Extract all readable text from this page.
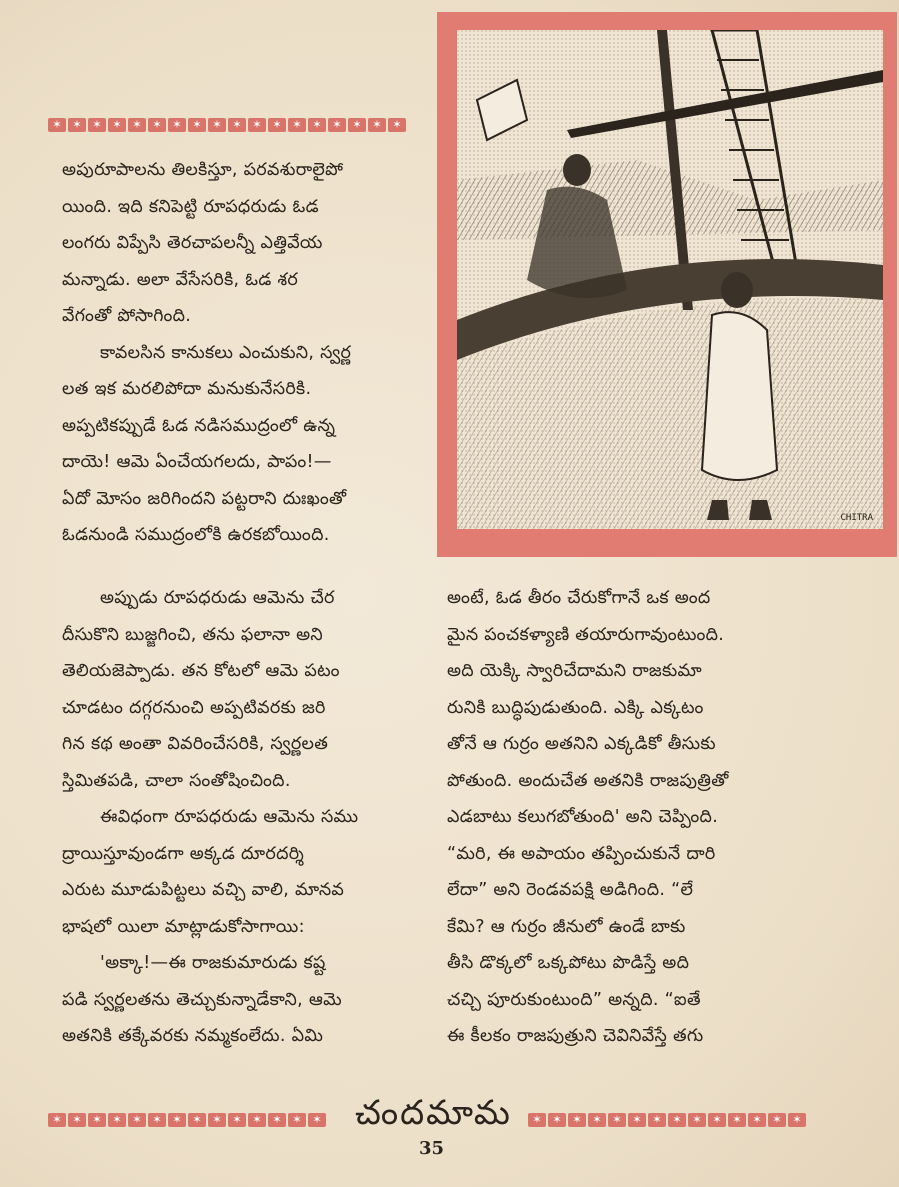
✶ ✶ ✶ ✶ ✶ ✶ ✶ ✶ ✶ ✶ ✶ ✶ ✶ ✶ ✶ ✶ ✶ ✶
CHITRA

అపురూపాలను తిలకిస్తూ, పరవశురాలైపో

యింది. ఇది కనిపెట్టి రూపధరుడు ఓడ

లంగరు విప్పేసి తెరచాపలన్నీ ఎత్తివేయ

మన్నాడు. అలా వేసేసరికి, ఓడ శర

వేగంతో పోసాగింది.

కావలసిన కానుకలు ఎంచుకుని, స్వర్ణ

లత ఇక మరలిపోదా మనుకునేసరికి.

అప్పటికప్పుడే ఓడ నడిసముద్రంలో ఉన్న

దాయె! ఆమె ఏంచేయగలదు, పాపం!—

ఏదో మోసం జరిగిందని పట్టరాని దుఃఖంతో

ఓడనుండి సముద్రంలోకి ఉరకబోయింది.

అప్పుడు రూపధరుడు ఆమెను చేర

దీసుకొని బుజ్జగించి, తను ఫలానా అని

తెలియజెప్పాడు. తన కోటలో ఆమె పటం

చూడటం దగ్గరనుంచి అప్పటివరకు జరి

గిన కథ అంతా వివరించేసరికి, స్వర్ణలత

స్తిమితపడి, చాలా సంతోషించింది.

ఈవిధంగా రూపధరుడు ఆమెను సము

ద్రాయిస్తూవుండగా అక్కడ దూరదర్శి

ఎరుట మూడుపిట్టలు వచ్చి వాలి, మానవ

భాషలో యిలా మాట్లాడుకోసాగాయి:

'అక్కా!—ఈ రాజకుమారుడు కష్ట

పడి స్వర్ణలతను తెచ్చుకున్నాడేకాని, ఆమె

అతనికి తక్కేవరకు నమ్మకంలేదు. ఏమి

అంటే, ఓడ తీరం చేరుకోగానే ఒక అంద

మైన పంచకళ్యాణి తయారుగావుంటుంది.

అది యెక్కి స్వారిచేదామని రాజకుమా

రునికి బుద్ధిపుడుతుంది. ఎక్కి ఎక్కటం

తోనే ఆ గుర్రం అతనిని ఎక్కడికో తీసుకు

పోతుంది. అందుచేత అతనికి రాజపుత్రితో

ఎడబాటు కలుగబోతుంది' అని చెప్పింది.

“మరి, ఈ అపాయం తప్పించుకునే దారి

లేదా” అని రెండవపక్షి అడిగింది. “లే

కేమి? ఆ గుర్రం జీనులో ఉండే బాకు

తీసి డొక్కలో ఒక్కపోటు పొడిస్తే అది

చచ్చి పూరుకుంటుంది” అన్నది. “ఐతే

ఈ కీలకం రాజపుత్రుని చెవినివేస్తే తగు

✶ ✶ ✶ ✶ ✶ ✶ ✶ ✶ ✶ ✶ ✶ ✶ ✶ ✶ చందమామ	✶ ✶ ✶ ✶ ✶ ✶ ✶ ✶ ✶ ✶ ✶ ✶ ✶ ✶
35
